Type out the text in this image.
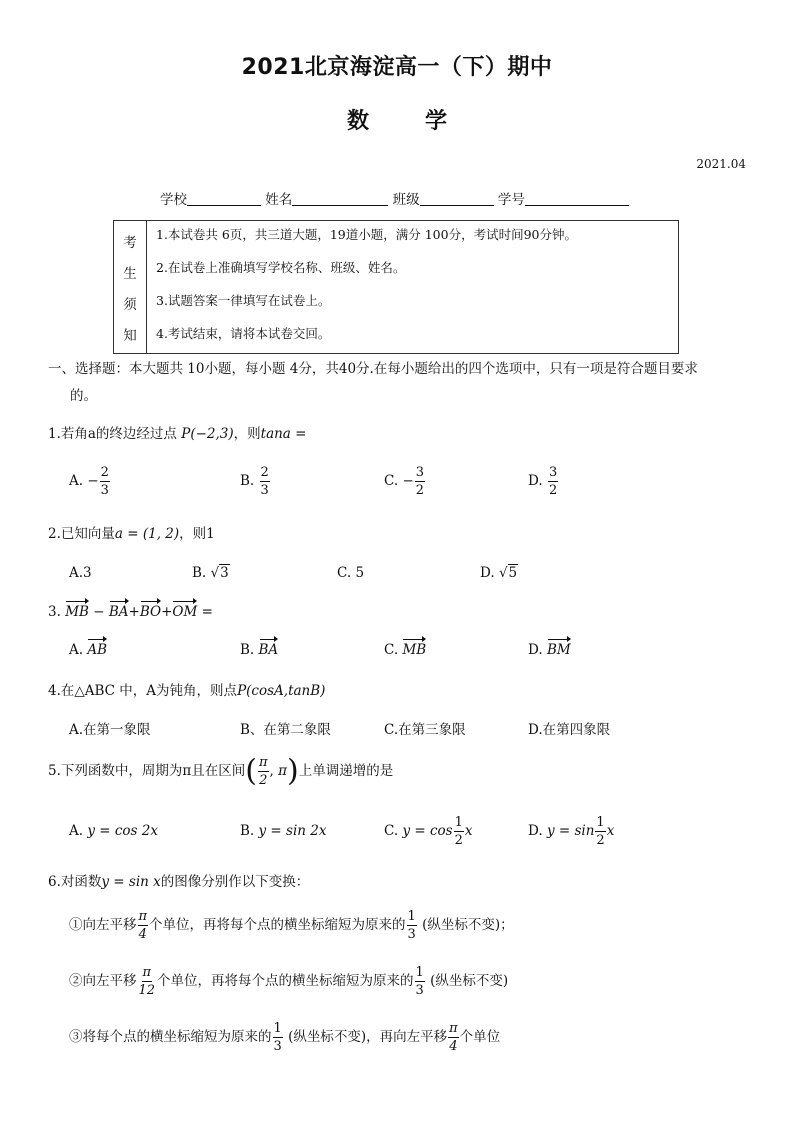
2021北京海淀高一（下）期中
数	学
2021.04
学校	姓名	班级	学号
考
生
须
知
1.本试卷共 6页，共三道大题，19道小题，满分 100分，考试时间90分钟。
2.在试卷上准确填写学校名称、班级、姓名。
3.试题答案一律填写在试卷上。
4.考试结束，请将本试卷交回。
一、选择题：本大题共 10小题，每小题 4分，共40分.在每小题给出的四个选项中，只有一项是符合题目要求
的。
1.若角a的终边经过点 P(−2,3)，则tana =
A. − $\frac{2}{3}$	B. $\frac{2}{3}$	C. − $\frac{3}{2}$	D. $\frac{3}{2}$
2.已知向量a = (1, 2)，则1
A.3	B. √3	C. 5	D. √5
3. MB − BA+BO+OM =
A. AB	B. BA	C. MB	D. BM
4.在△ABC 中，A为钝角，则点P(cosA,tanB)
A.在第一象限	B、在第二象限	C.在第三象限	D.在第四象限
5.下列函数中，周期为π且在区间( $\frac{\pi}{2}$ , π)上单调递增的是
A. y = cos 2x	B. y = sin 2x	C. $y = \cos \frac{1}{2}$ x	D. $y = \sin \frac{1}{2}$ x
6.对函数y = sin x的图像分别作以下变换：
①向左平移 $\frac{\pi}{4}$ 个单位，再将每个点的横坐标缩短为原来的 $\frac{1}{3}$ (纵坐标不变)；
②向左平移 $\frac{\pi}{12}$ 个单位，再将每个点的横坐标缩短为原来的 $\frac{1}{3}$ (纵坐标不变)
③将每个点的横坐标缩短为原来的 $\frac{1}{3}$ (纵坐标不变)，再向左平移 $\frac{\pi}{4}$ 个单位
